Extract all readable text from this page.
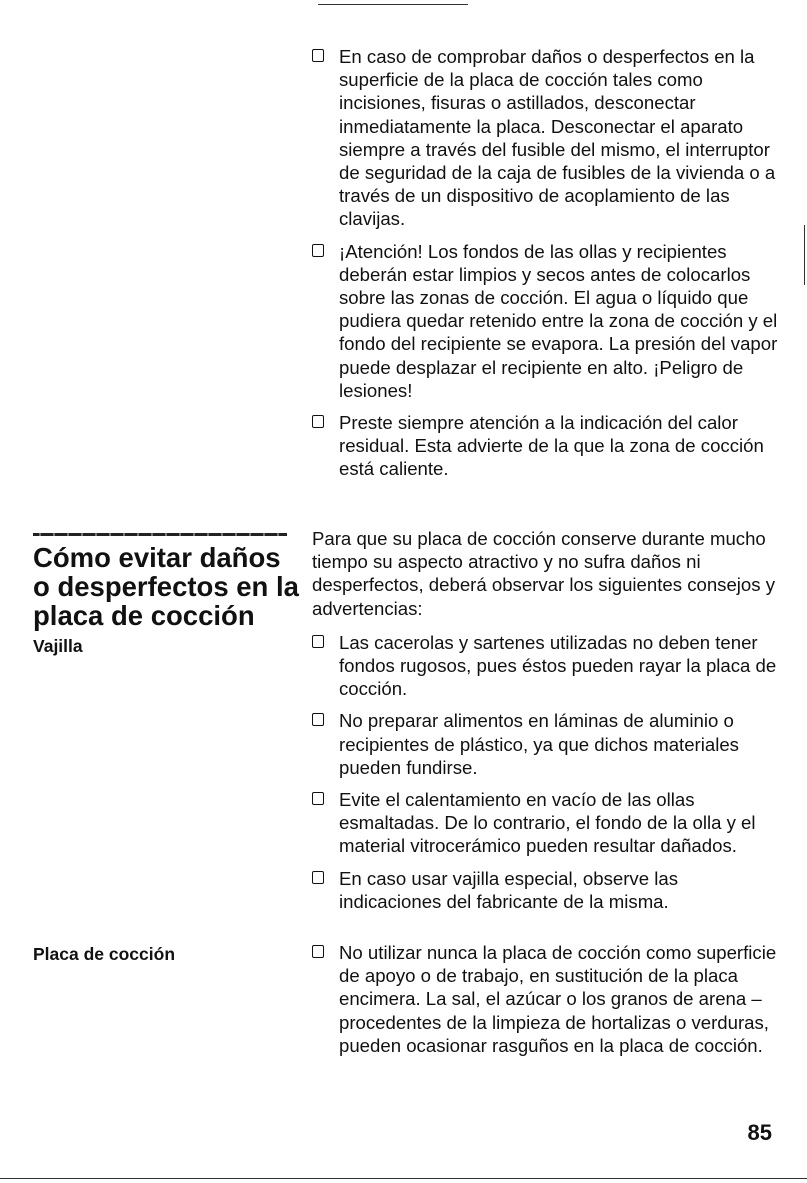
En caso de comprobar daños o desperfectos en la superficie de la placa de cocción tales como incisiones, fisuras o astillados, desconectar inmediatamente la placa. Desconectar el aparato siempre a través del fusible del mismo, el interruptor de seguridad de la caja de fusibles de la vivienda o a través de un dispositivo de acoplamiento de las clavijas.
¡Atención! Los fondos de las ollas y recipientes deberán estar limpios y secos antes de colocarlos sobre las zonas de cocción. El agua o líquido que pudiera quedar retenido entre la zona de cocción y el fondo del recipiente se evapora. La presión del vapor puede desplazar el recipiente en alto. ¡Peligro de lesiones!
Preste siempre atención a la indicación del calor residual. Esta advierte de la que la zona de cocción está caliente.
Cómo evitar daños o desperfectos en la placa de cocción
Vajilla
Placa de cocción

Para que su placa de cocción conserve durante mucho tiempo su aspecto atractivo y no sufra daños ni desperfectos, deberá observar los siguientes consejos y advertencias:

Las cacerolas y sartenes utilizadas no deben tener fondos rugosos, pues éstos pueden rayar la placa de cocción.
No preparar alimentos en láminas de aluminio o recipientes de plástico, ya que dichos materiales pueden fundirse.
Evite el calentamiento en vacío de las ollas esmaltadas. De lo contrario, el fondo de la olla y el material vitrocerámico pueden resultar dañados.
En caso usar vajilla especial, observe las indicaciones del fabricante de la misma.
No utilizar nunca la placa de cocción como superficie de apoyo o de trabajo, en sustitución de la placa encimera. La sal, el azúcar o los granos de arena – procedentes de la limpieza de hortalizas o verduras, pueden ocasionar rasguños en la placa de cocción.
85
